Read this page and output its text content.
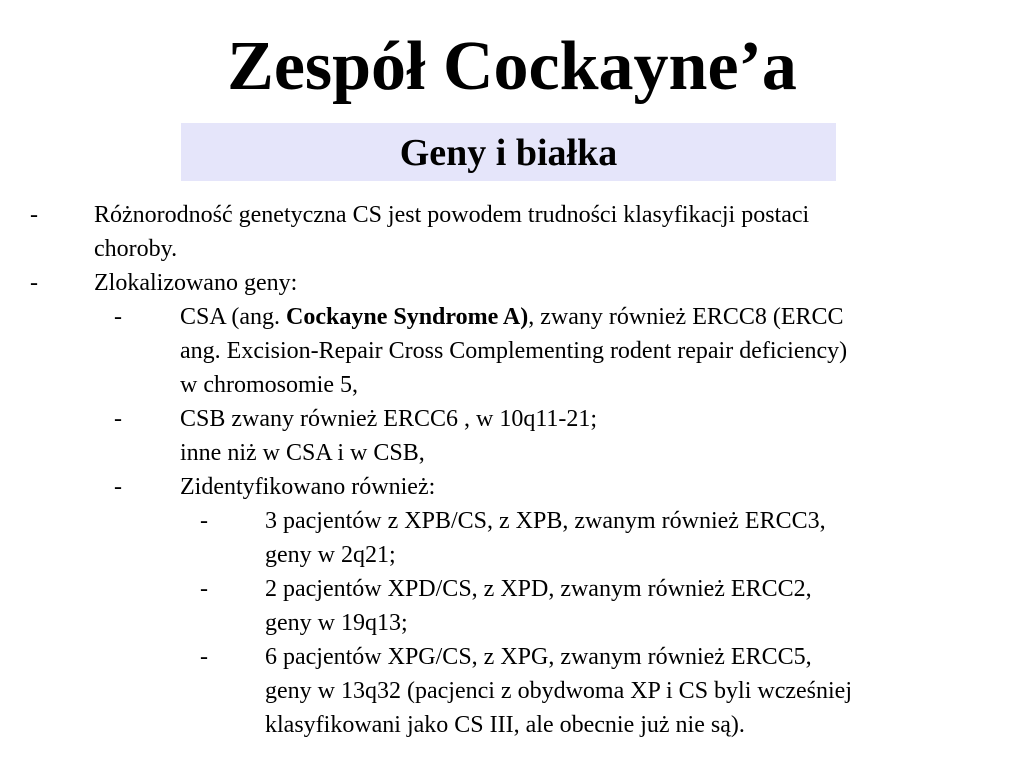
Zespół Cockayne’a
Geny i białka
- Różnorodność genetyczna CS jest powodem trudności klasyfikacji postaci
choroby.
- Zlokalizowano geny:
- CSA (ang. Cockayne Syndrome A), zwany również ERCC8 (ERCC
ang. Excision-Repair Cross Complementing rodent repair deficiency)
w chromosomie 5,
- CSB zwany również ERCC6 , w 10q11-21;
inne niż w CSA i w CSB,
- Zidentyfikowano również:
- 3 pacjentów z XPB/CS, z XPB, zwanym również ERCC3,
geny w 2q21;
- 2 pacjentów XPD/CS, z XPD, zwanym również ERCC2,
geny w 19q13;
- 6 pacjentów XPG/CS, z XPG, zwanym również ERCC5,
geny w 13q32 (pacjenci z obydwoma XP i CS byli wcześniej
klasyfikowani jako CS III, ale obecnie już nie są).
